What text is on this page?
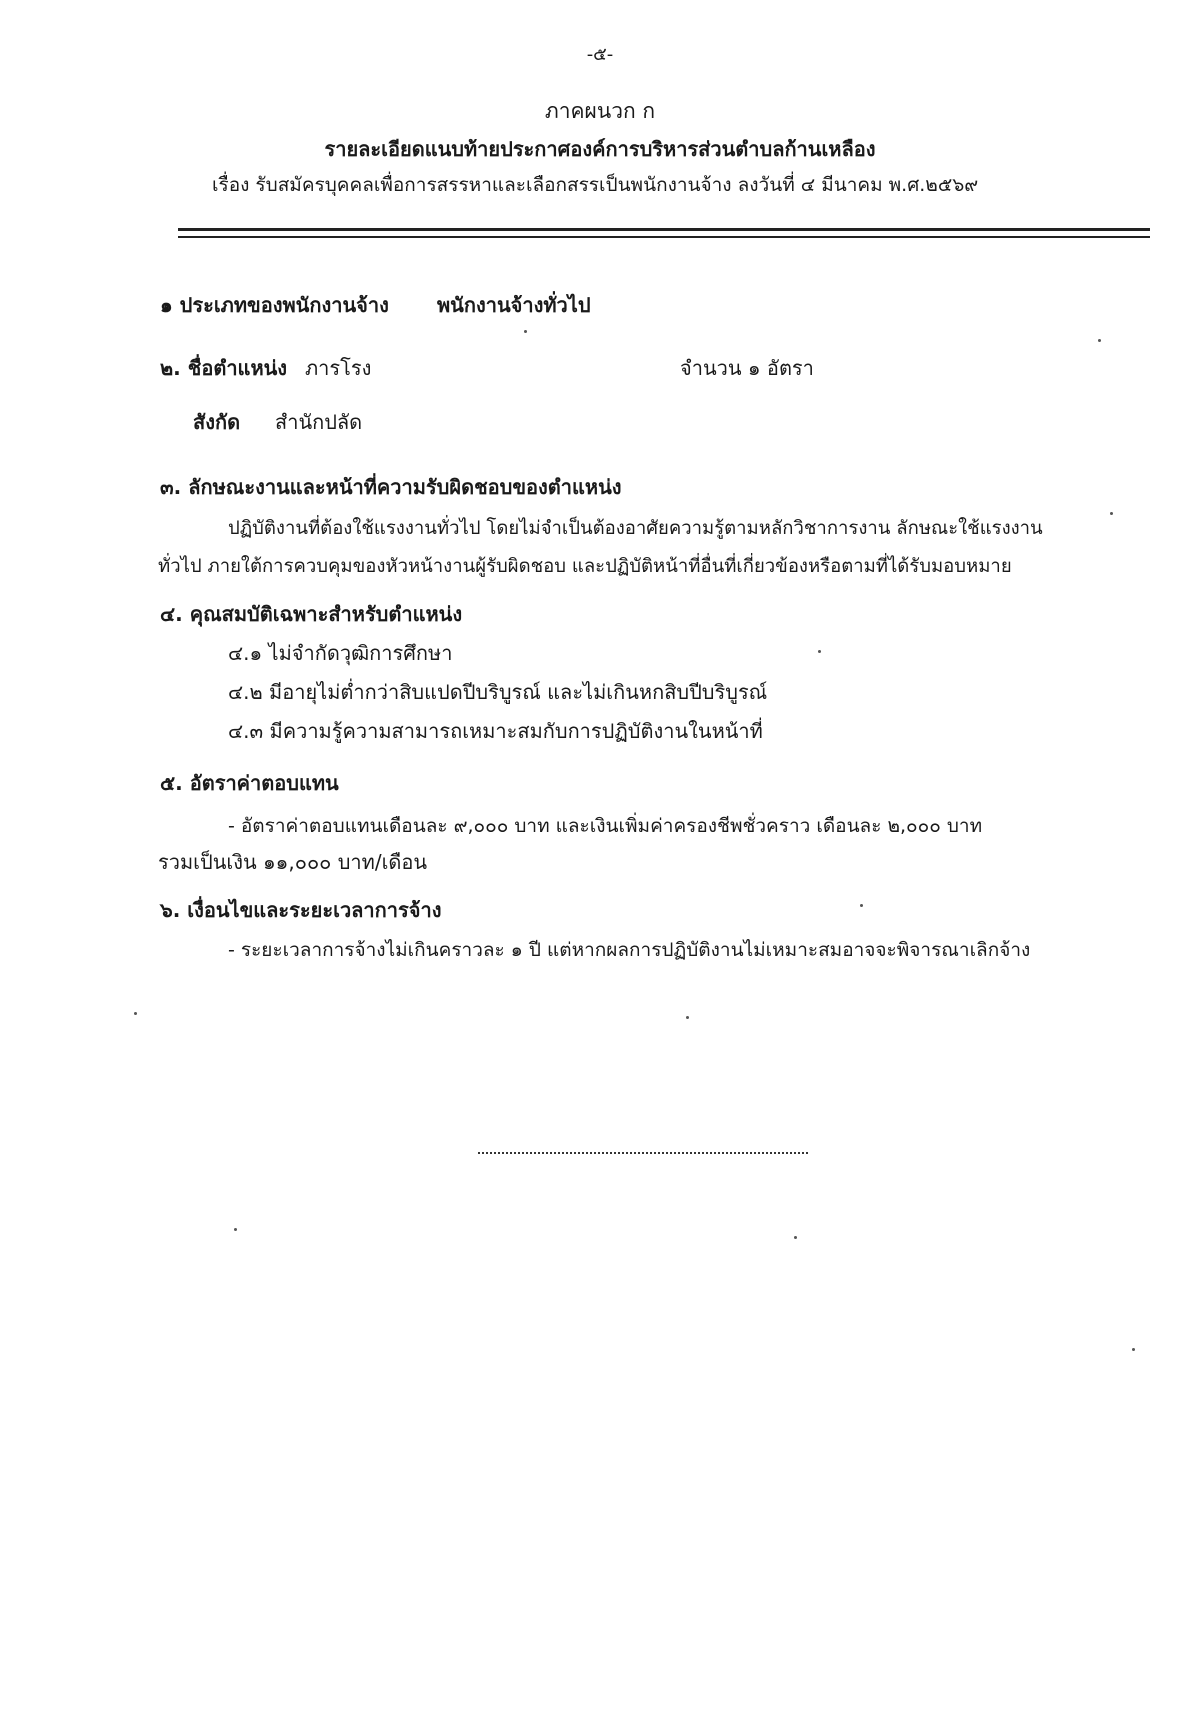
-๕-
ภาคผนวก ก
รายละเอียดแนบท้ายประกาศองค์การบริหารส่วนตำบลก้านเหลือง
เรื่อง รับสมัครบุคคลเพื่อการสรรหาและเลือกสรรเป็นพนักงานจ้าง ลงวันที่ ๔ มีนาคม พ.ศ.๒๕๖๙
๑ ประเภทของพนักงานจ้าง พนักงานจ้างทั่วไป
๒. ชื่อตำแหน่ง ภารโรง	จำนวน ๑ อัตรา
สังกัด สำนักปลัด
๓. ลักษณะงานและหน้าที่ความรับผิดชอบของตำแหน่ง
ปฏิบัติงานที่ต้องใช้แรงงานทั่วไป โดยไม่จำเป็นต้องอาศัยความรู้ตามหลักวิชาการงาน ลักษณะใช้แรงงาน
ทั่วไป ภายใต้การควบคุมของหัวหน้างานผู้รับผิดชอบ และปฏิบัติหน้าที่อื่นที่เกี่ยวข้องหรือตามที่ได้รับมอบหมาย
๔. คุณสมบัติเฉพาะสำหรับตำแหน่ง
๔.๑ ไม่จำกัดวุฒิการศึกษา
๔.๒ มีอายุไม่ต่ำกว่าสิบแปดปีบริบูรณ์ และไม่เกินหกสิบปีบริบูรณ์
๔.๓ มีความรู้ความสามารถเหมาะสมกับการปฏิบัติงานในหน้าที่
๕. อัตราค่าตอบแทน
- อัตราค่าตอบแทนเดือนละ ๙,๐๐๐ บาท และเงินเพิ่มค่าครองชีพชั่วคราว เดือนละ ๒,๐๐๐ บาท
รวมเป็นเงิน ๑๑,๐๐๐ บาท/เดือน
๖. เงื่อนไขและระยะเวลาการจ้าง
- ระยะเวลาการจ้างไม่เกินคราวละ ๑ ปี แต่หากผลการปฏิบัติงานไม่เหมาะสมอาจจะพิจารณาเลิกจ้าง
